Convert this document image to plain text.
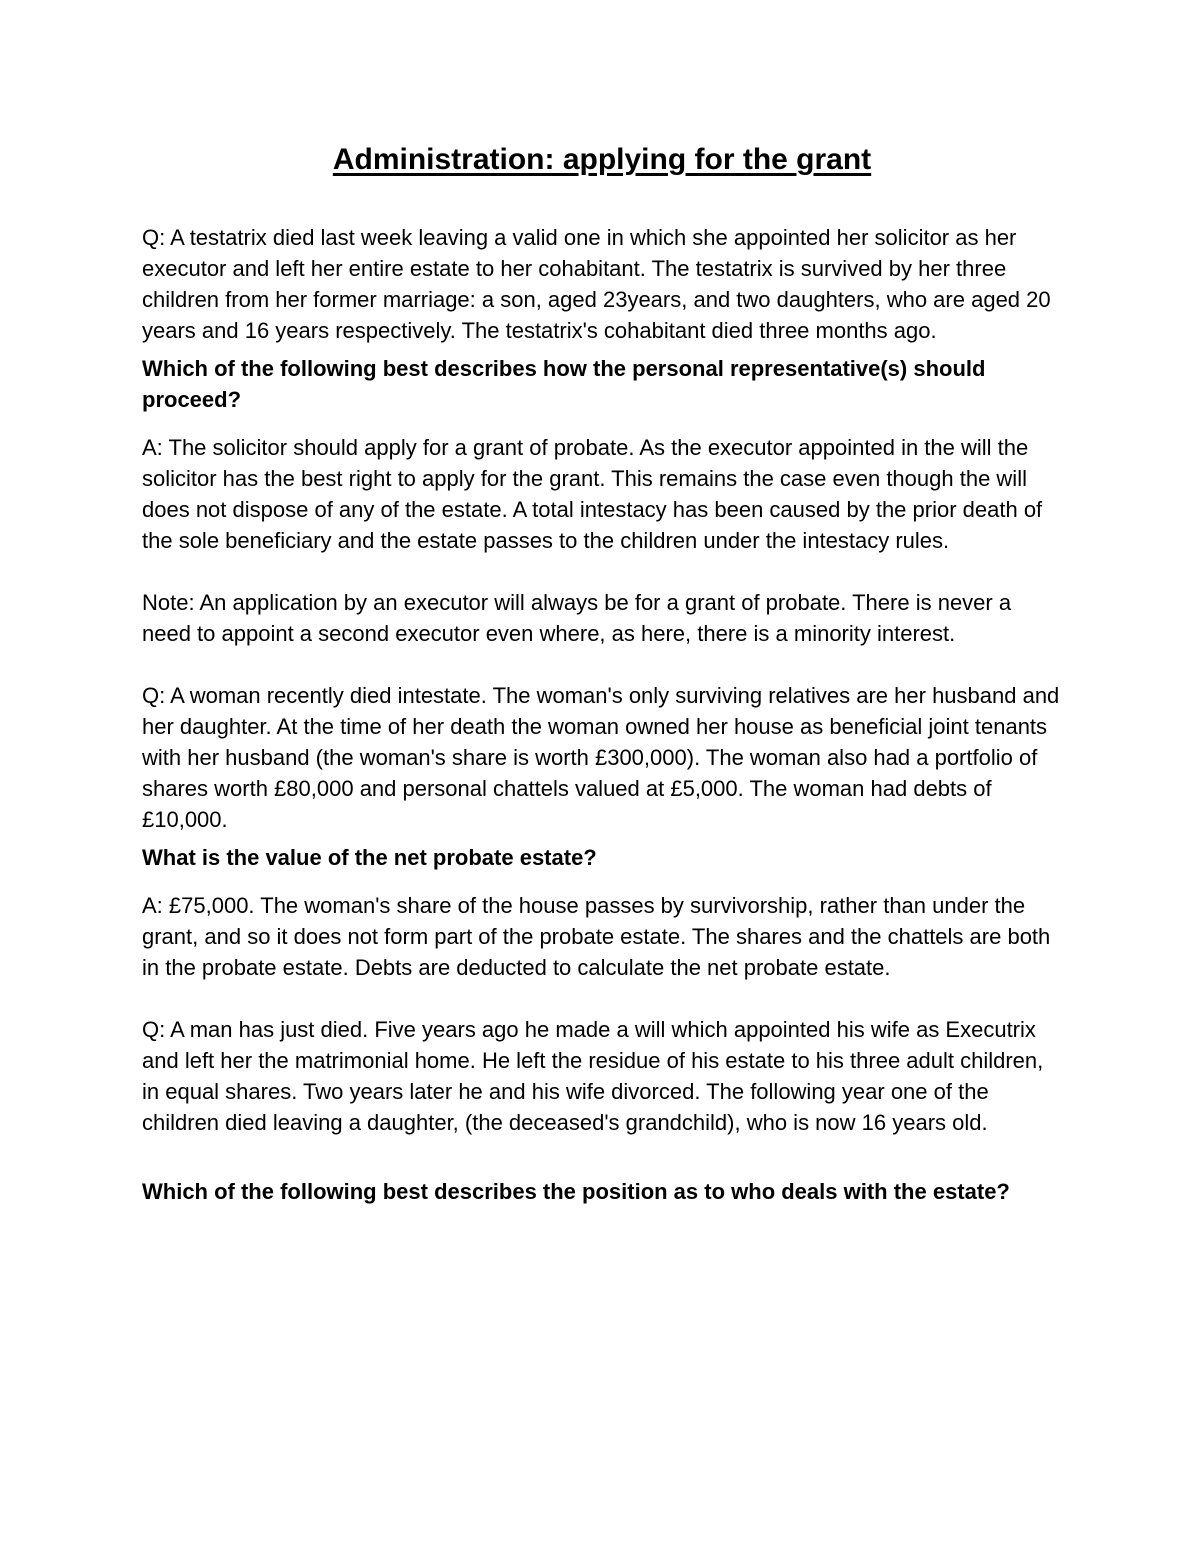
Administration: applying for the grant

Q: A testatrix died last week leaving a valid one in which she appointed her solicitor as her executor and left her entire estate to her cohabitant. The testatrix is survived by her three children from her former marriage: a son, aged 23years, and two daughters, who are aged 20 years and 16 years respectively. The testatrix's cohabitant died three months ago.

Which of the following best describes how the personal representative(s) should proceed?

A: The solicitor should apply for a grant of probate. As the executor appointed in the will the solicitor has the best right to apply for the grant. This remains the case even though the will does not dispose of any of the estate. A total intestacy has been caused by the prior death of the sole beneficiary and the estate passes to the children under the intestacy rules.

Note: An application by an executor will always be for a grant of probate. There is never a need to appoint a second executor even where, as here, there is a minority interest.

Q: A woman recently died intestate. The woman's only surviving relatives are her husband and her daughter. At the time of her death the woman owned her house as beneficial joint tenants with her husband (the woman's share is worth £300,000). The woman also had a portfolio of shares worth £80,000 and personal chattels valued at £5,000. The woman had debts of £10,000.

What is the value of the net probate estate?

A: £75,000. The woman's share of the house passes by survivorship, rather than under the grant, and so it does not form part of the probate estate. The shares and the chattels are both in the probate estate. Debts are deducted to calculate the net probate estate.

Q: A man has just died. Five years ago he made a will which appointed his wife as Executrix and left her the matrimonial home. He left the residue of his estate to his three adult children, in equal shares. Two years later he and his wife divorced. The following year one of the children died leaving a daughter, (the deceased's grandchild), who is now 16 years old.

Which of the following best describes the position as to who deals with the estate?
